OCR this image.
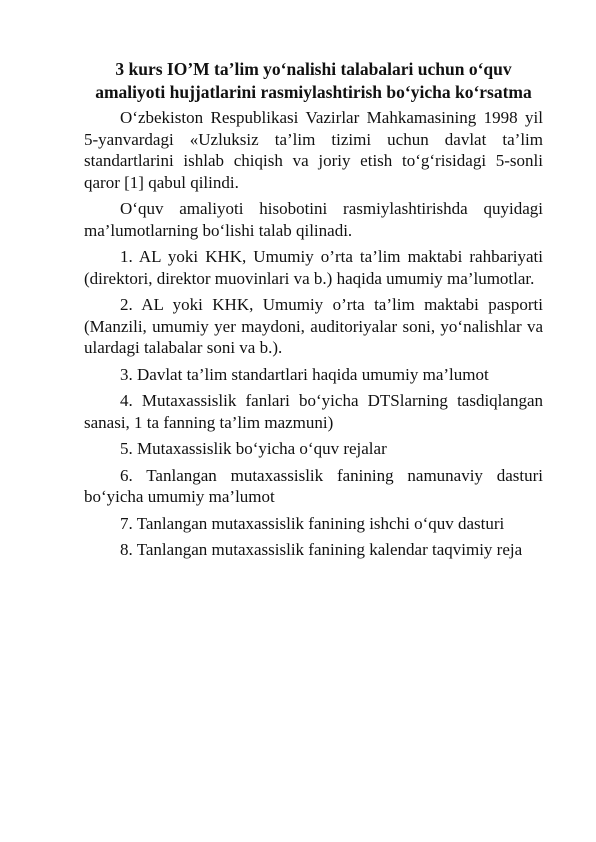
3 kurs IO’M ta’lim yo‘nalishi talabalari uchun o‘quv amaliyoti hujjatlarini rasmiylashtirish bo‘yicha ko‘rsatma

O‘zbekiston Respublikasi Vazirlar Mahkamasining 1998 yil 5-yanvardagi «Uzluksiz ta’lim tizimi uchun davlat ta’lim standartlarini ishlab chiqish va joriy etish to‘g‘risidagi 5-sonli qaror [1] qabul qilindi.

O‘quv amaliyoti hisobotini rasmiylashtirishda quyidagi ma’lumotlarning bo‘lishi talab qilinadi.

1. AL yoki KHK, Umumiy o’rta ta’lim maktabi rahbariyati (direktori, direktor muovinlari va b.) haqida umumiy ma’lumotlar.

2. AL yoki KHK, Umumiy o’rta ta’lim maktabi pasporti (Manzili, umumiy yer maydoni, auditoriyalar soni, yo‘nalishlar va ulardagi talabalar soni va b.).

3. Davlat ta’lim standartlari haqida umumiy ma’lumot

4. Mutaxassislik fanlari bo‘yicha DTSlarning tasdiqlangan sanasi, 1 ta fanning ta’lim mazmuni)

5. Mutaxassislik bo‘yicha o‘quv rejalar

6. Tanlangan mutaxassislik fanining namunaviy dasturi bo‘yicha umumiy ma’lumot

7. Tanlangan mutaxassislik fanining ishchi o‘quv dasturi

8. Tanlangan mutaxassislik fanining kalendar taqvimiy reja
